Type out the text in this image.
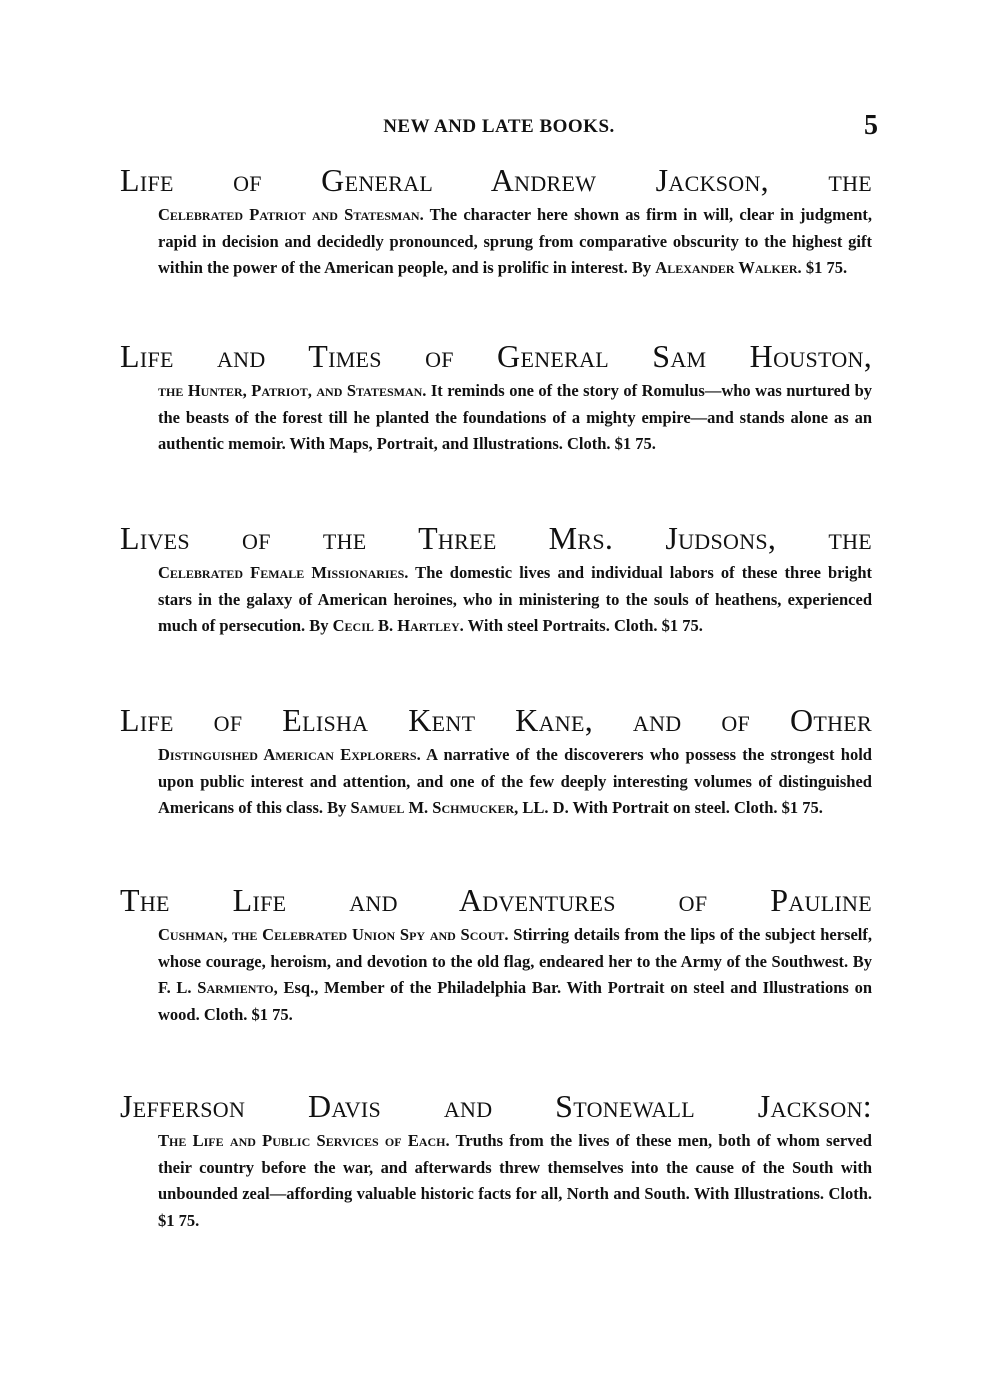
NEW AND LATE BOOKS.	5
Life of General Andrew Jackson, the
Celebrated Patriot and Statesman. The character here shown as firm in will, clear in judgment, rapid in decision and decidedly pronounced, sprung from comparative obscurity to the highest gift within the power of the American people, and is prolific in interest. By Alexander Walker. $1 75.
Life and Times of General Sam Houston,
the Hunter, Patriot, and Statesman. It reminds one of the story of Romulus—who was nurtured by the beasts of the forest till he planted the foundations of a mighty empire—and stands alone as an authentic memoir. With Maps, Portrait, and Illustrations. Cloth. $1 75.
Lives of the Three Mrs. Judsons, the
Celebrated Female Missionaries. The domestic lives and individual labors of these three bright stars in the galaxy of American heroines, who in ministering to the souls of heathens, experienced much of persecution. By Cecil B. Hartley. With steel Portraits. Cloth. $1 75.
Life of Elisha Kent Kane, and of Other
Distinguished American Explorers. A narrative of the discoverers who possess the strongest hold upon public interest and attention, and one of the few deeply interesting volumes of distinguished Americans of this class. By Samuel M. Schmucker, LL. D. With Portrait on steel. Cloth. $1 75.
The Life and Adventures of Pauline
Cushman, the Celebrated Union Spy and Scout. Stirring details from the lips of the subject herself, whose courage, heroism, and devotion to the old flag, endeared her to the Army of the Southwest. By F. L. Sarmiento, Esq., Member of the Philadelphia Bar. With Portrait on steel and Illustrations on wood. Cloth. $1 75.
Jefferson Davis and Stonewall Jackson:
The Life and Public Services of Each. Truths from the lives of these men, both of whom served their country before the war, and afterwards threw themselves into the cause of the South with unbounded zeal—affording valuable historic facts for all, North and South. With Illustrations. Cloth. $1 75.
